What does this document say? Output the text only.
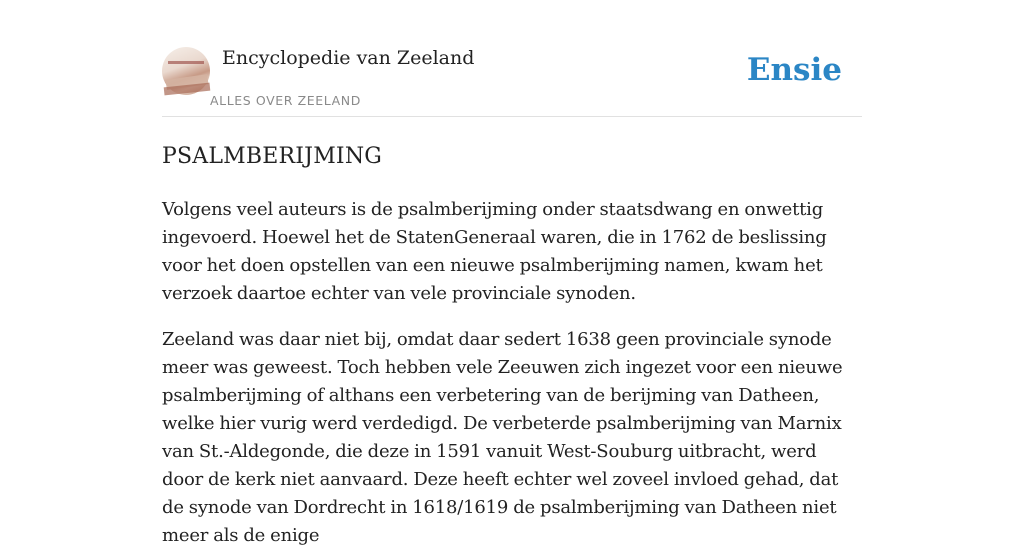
Encyclopedie van Zeeland
ALLES OVER ZEELAND
Ensie
PSALMBERIJMING

Volgens veel auteurs is de psalmberijming onder staatsdwang en onwettig ingevoerd. Hoewel het de StatenGeneraal waren, die in 1762 de beslissing voor het doen opstellen van een nieuwe psalmberijming namen, kwam het verzoek daartoe echter van vele provinciale synoden.

Zeeland was daar niet bij, omdat daar sedert 1638 geen provinciale synode meer was geweest. Toch hebben vele Zeeuwen zich ingezet voor een nieuwe psalmberijming of althans een verbetering van de berijming van Datheen, welke hier vurig werd verdedigd. De verbeterde psalmberijming van Marnix van St.-Aldegonde, die deze in 1591 vanuit West-Souburg uitbracht, werd door de kerk niet aanvaard. Deze heeft echter wel zoveel invloed gehad, dat de synode van Dordrecht in 1618/1619 de psalmberijming van Datheen niet meer als de enige
